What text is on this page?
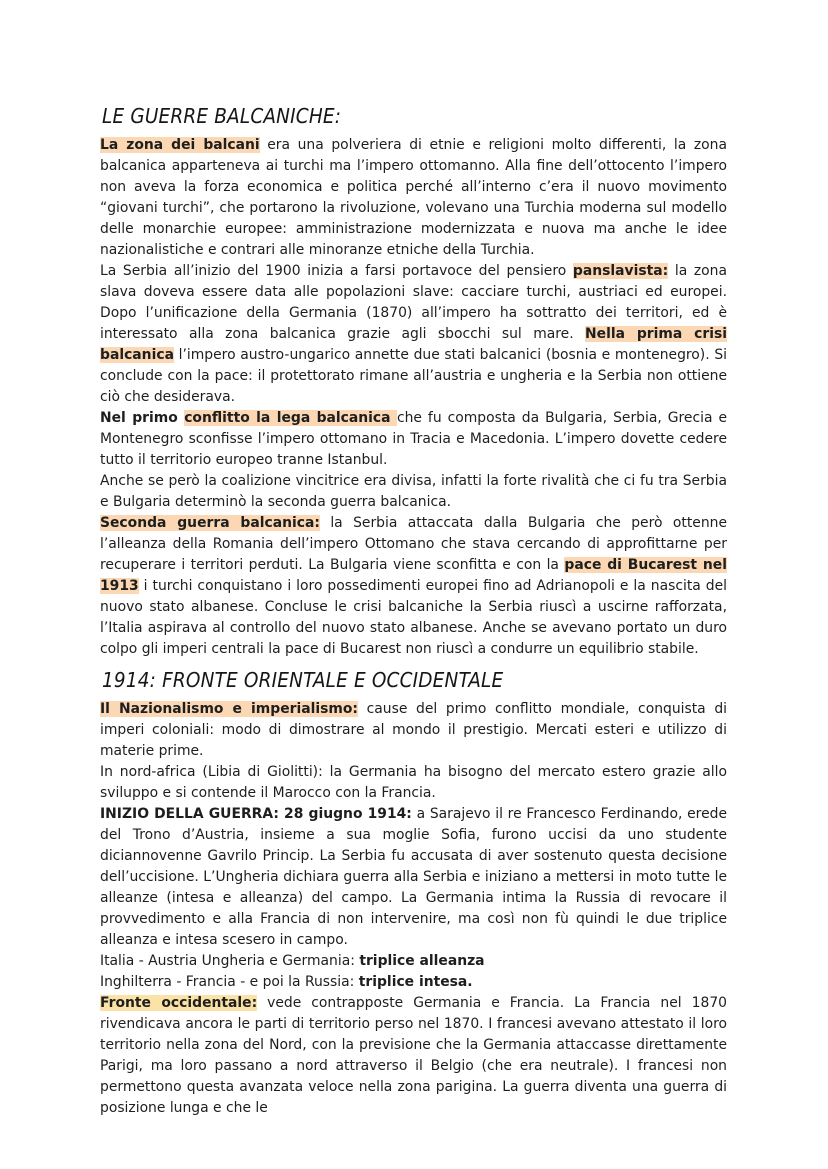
LE GUERRE BALCANICHE:

La zona dei balcani era una polveriera di etnie e religioni molto differenti, la zona balcanica apparteneva ai turchi ma l’impero ottomanno. Alla fine dell’ottocento l’impero non aveva la forza economica e politica perché all’interno c’era il nuovo movimento “giovani turchi”, che portarono la rivoluzione, volevano una Turchia moderna sul modello delle monarchie europee: amministrazione modernizzata e nuova ma anche le idee nazionalistiche e contrari alle minoranze etniche della Turchia.

La Serbia all’inizio del 1900 inizia a farsi portavoce del pensiero panslavista: la zona slava doveva essere data alle popolazioni slave: cacciare turchi, austriaci ed europei. Dopo l’unificazione della Germania (1870) all’impero ha sottratto dei territori, ed è interessato alla zona balcanica grazie agli sbocchi sul mare. Nella prima crisi balcanica l’impero austro-ungarico annette due stati balcanici (bosnia e montenegro). Si conclude con la pace: il protettorato rimane all’austria e ungheria e la Serbia non ottiene ciò che desiderava.

Nel primo conflitto la lega balcanica che fu composta da Bulgaria, Serbia, Grecia e Montenegro sconfisse l’impero ottomano in Tracia e Macedonia. L’impero dovette cedere tutto il territorio europeo tranne Istanbul.

Anche se però la coalizione vincitrice era divisa, infatti la forte rivalità che ci fu tra Serbia e Bulgaria determinò la seconda guerra balcanica.

Seconda guerra balcanica: la Serbia attaccata dalla Bulgaria che però ottenne l’alleanza della Romania dell’impero Ottomano che stava cercando di approfittarne per recuperare i territori perduti. La Bulgaria viene sconfitta e con la pace di Bucarest nel 1913 i turchi conquistano i loro possedimenti europei fino ad Adrianopoli e la nascita del nuovo stato albanese. Concluse le crisi balcaniche la Serbia riuscì a uscirne rafforzata, l’Italia aspirava al controllo del nuovo stato albanese. Anche se avevano portato un duro colpo gli imperi centrali la pace di Bucarest non riuscì a condurre un equilibrio stabile.

1914: FRONTE ORIENTALE E OCCIDENTALE

Il Nazionalismo e imperialismo: cause del primo conflitto mondiale, conquista di imperi coloniali: modo di dimostrare al mondo il prestigio. Mercati esteri e utilizzo di materie prime.

In nord-africa (Libia di Giolitti): la Germania ha bisogno del mercato estero grazie allo sviluppo e si contende il Marocco con la Francia.

INIZIO DELLA GUERRA: 28 giugno 1914: a Sarajevo il re Francesco Ferdinando, erede del Trono d’Austria, insieme a sua moglie Sofia, furono uccisi da uno studente diciannovenne Gavrilo Princip. La Serbia fu accusata di aver sostenuto questa decisione dell’uccisione. L’Ungheria dichiara guerra alla Serbia e iniziano a mettersi in moto tutte le alleanze (intesa e alleanza) del campo. La Germania intima la Russia di revocare il provvedimento e alla Francia di non intervenire, ma così non fù quindi le due triplice alleanza e intesa scesero in campo.

Italia - Austria Ungheria e Germania: triplice alleanza

Inghilterra - Francia - e poi la Russia: triplice intesa.

Fronte occidentale: vede contrapposte Germania e Francia. La Francia nel 1870 rivendicava ancora le parti di territorio perso nel 1870. I francesi avevano attestato il loro territorio nella zona del Nord, con la previsione che la Germania attaccasse direttamente Parigi, ma loro passano a nord attraverso il Belgio (che era neutrale). I francesi non permettono questa avanzata veloce nella zona parigina. La guerra diventa una guerra di posizione lunga e che le
